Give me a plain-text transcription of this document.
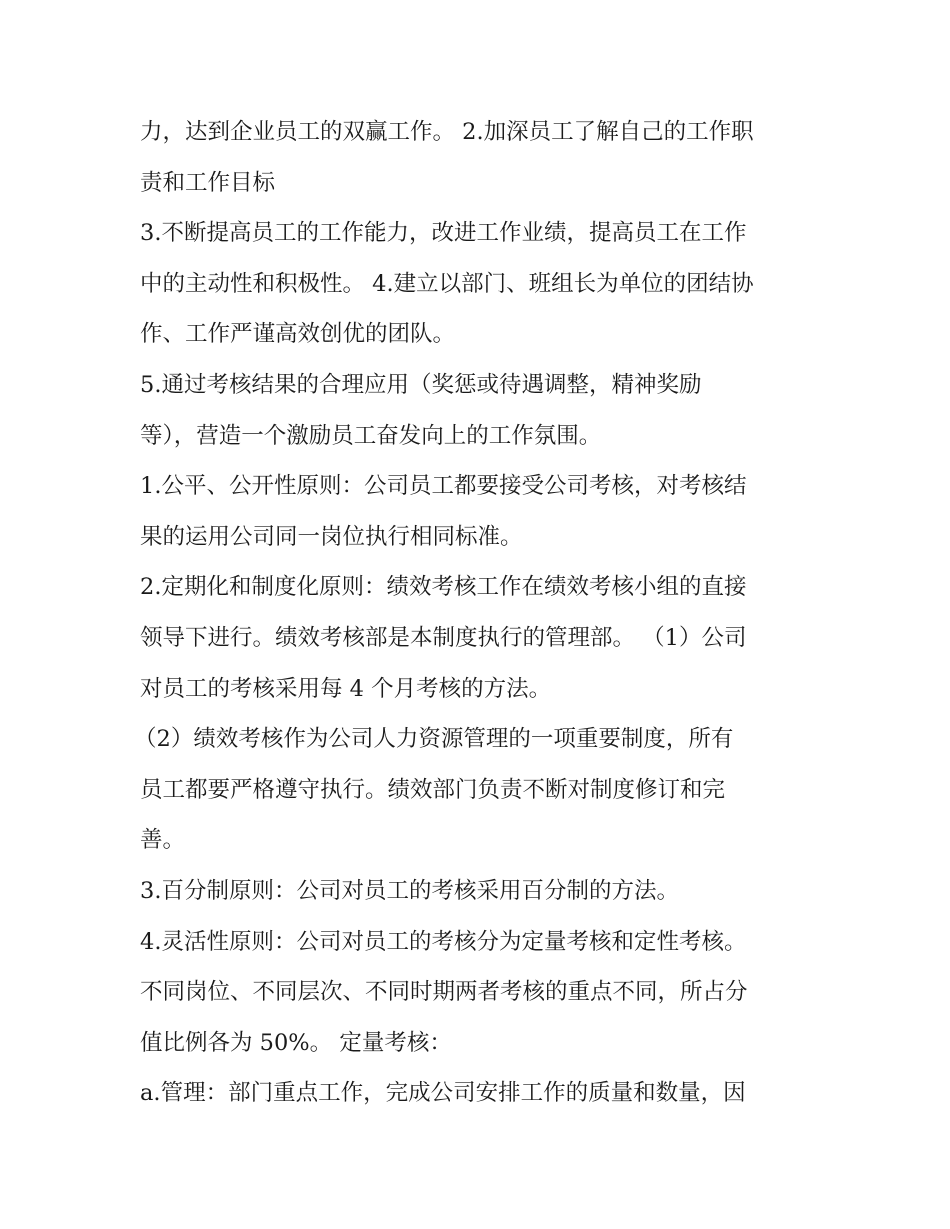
力，达到企业员工的双赢工作。 2.加深员工了解自己的工作职
责和工作目标
3.不断提高员工的工作能力，改进工作业绩，提高员工在工作
中的主动性和积极性。 4.建立以部门、班组长为单位的团结协
作、工作严谨高效创优的团队。
5.通过考核结果的合理应用（奖惩或待遇调整，精神奖励
等），营造一个激励员工奋发向上的工作氛围。
1.公平、公开性原则：公司员工都要接受公司考核，对考核结
果的运用公司同一岗位执行相同标准。
2.定期化和制度化原则：绩效考核工作在绩效考核小组的直接
领导下进行。绩效考核部是本制度执行的管理部。 （1）公司
对员工的考核采用每 4 个月考核的方法。
（2）绩效考核作为公司人力资源管理的一项重要制度，所有
员工都要严格遵守执行。绩效部门负责不断对制度修订和完
善。
3.百分制原则：公司对员工的考核采用百分制的方法。
4.灵活性原则：公司对员工的考核分为定量考核和定性考核。
不同岗位、不同层次、不同时期两者考核的重点不同，所占分
值比例各为 50%。 定量考核：
a.管理：部门重点工作，完成公司安排工作的质量和数量，因
